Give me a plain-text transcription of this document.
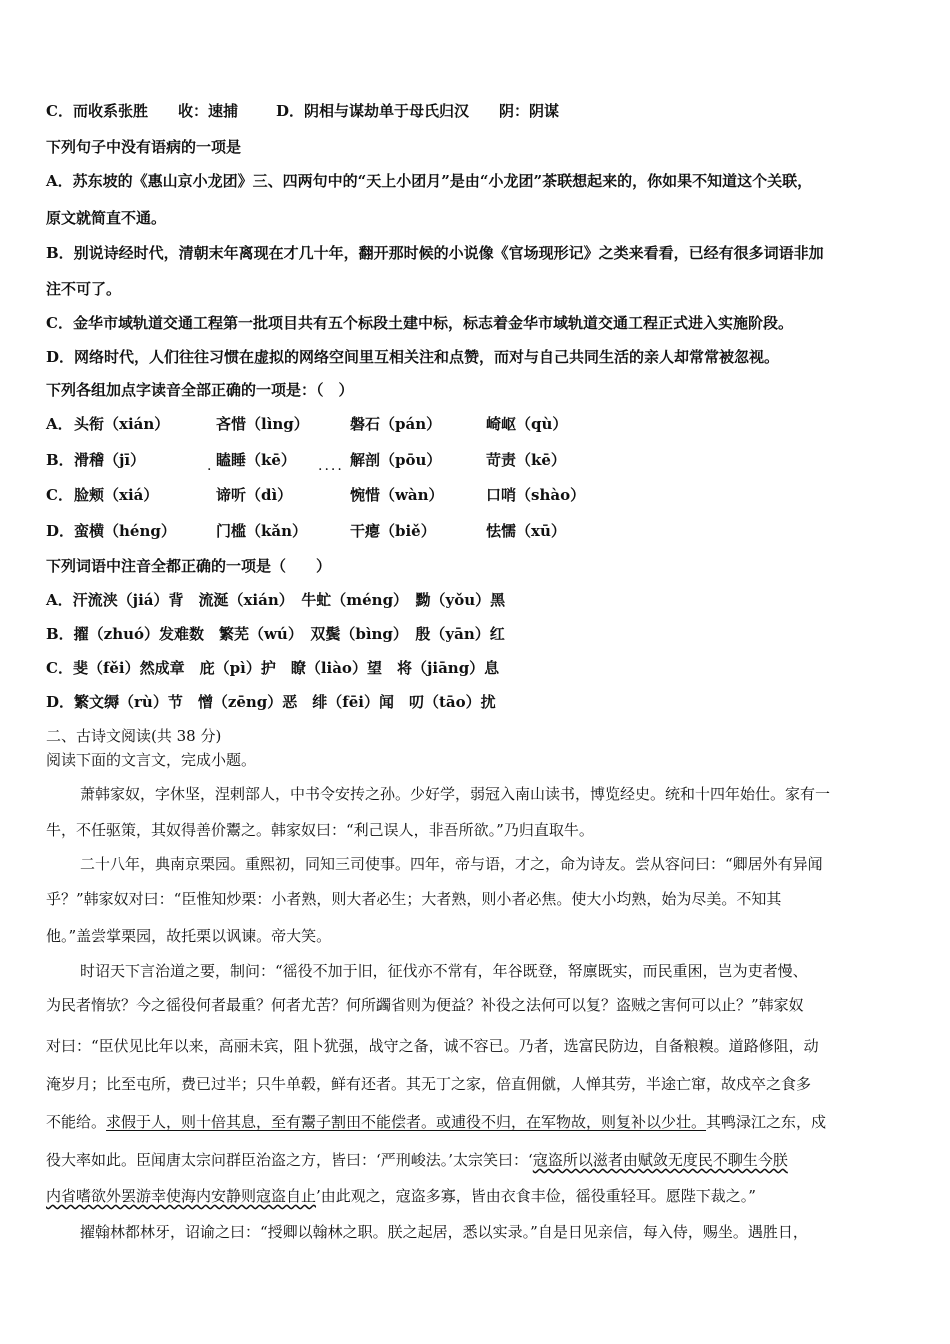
C．而收系张胜　　收：速捕	D．阴相与谋劫单于母氏归汉　　阴：阴谋
下列句子中没有语病的一项是
A．苏东坡的《惠山京小龙团》三、四两句中的“天上小团月”是由“小龙团”茶联想起来的，你如果不知道这个关联，
原文就简直不通。
B．别说诗经时代，清朝末年离现在才几十年，翻开那时候的小说像《官场现形记》之类来看看，已经有很多词语非加
注不可了。
C．金华市域轨道交通工程第一批项目共有五个标段土建中标，标志着金华市域轨道交通工程正式进入实施阶段。
D．网络时代，人们往往习惯在虚拟的网络空间里互相关注和点赞，而对与自己共同生活的亲人却常常被忽视。
下列各组加点字读音全部正确的一项是：（　）
A． 头衔（xián）	吝惜（lìng）	磐石（pán）	崎岖（qù）
B． 滑稽（jī）	瞌睡（kē）	解剖（pōu）	苛责（kē）
.	....
C． 脸颊（xiá）	谛听（dì）	惋惜（wàn）	口哨（shào）
D． 蛮横（héng）	门槛（kǎn）	干瘪（biě）	怯懦（xū）
下列词语中注音全都正确的一项是（　　）
A．汗流浃（jiá）背　流涎（xián）　牛虻（méng）　黝（yǒu）黑
B．擢（zhuó）发难数　繁芜（wú）　双鬓（bìng）　殷（yān）红
C．斐（fěi）然成章　庇（pì）护　瞭（liào）望　将（jiāng）息
D．繁文缛（rù）节　憎（zēng）恶　绯（fēi）闻　叨（tāo）扰
二、古诗文阅读(共 38 分)
阅读下面的文言文，完成小题。
萧韩家奴，字休坚，涅剌部人，中书令安抟之孙。少好学，弱冠入南山读书，博览经史。统和十四年始仕。家有一
牛，不任驱策，其奴得善价鬻之。韩家奴曰：“利己误人，非吾所欲。”乃归直取牛。
二十八年，典南京栗园。重熙初，同知三司使事。四年，帝与语，才之，命为诗友。尝从容问曰：“卿居外有异闻
乎？”韩家奴对曰：“臣惟知炒栗：小者熟，则大者必生；大者熟，则小者必焦。使大小均熟，始为尽美。不知其
他。”盖尝掌栗园，故托栗以讽谏。帝大笑。
时诏天下言治道之要，制问：“徭役不加于旧，征伐亦不常有，年谷既登，帑廪既实，而民重困，岂为吏者慢、
为民者惰欤？今之徭役何者最重？何者尤苦？何所蠲省则为便益？补役之法何可以复？盗贼之害何可以止？”韩家奴
对曰：“臣伏见比年以来，高丽未宾，阻卜犹强，战守之备，诚不容已。乃者，选富民防边，自备粮糗。道路修阻，动
淹岁月；比至屯所，费已过半；只牛单毂，鲜有还者。其无丁之家，倍直佣僦，人惮其劳，半途亡窜，故戍卒之食多
不能给。求假于人，则十倍其息，至有鬻子割田不能偿者。或逋役不归，在军物故，则复补以少壮。其鸭渌江之东，戍
役大率如此。臣闻唐太宗问群臣治盗之方，皆曰：‘严刑峻法。’太宗笑曰：‘寇盗所以滋者由赋敛无度民不聊生今朕
内省嗜欲外罢游幸使海内安静则寇盗自止’由此观之，寇盗多寡，皆由衣食丰俭，徭役重轻耳。愿陛下裁之。”
擢翰林都林牙，诏谕之曰：“授卿以翰林之职。朕之起居，悉以实录。”自是日见亲信，每入侍，赐坐。遇胜日，
